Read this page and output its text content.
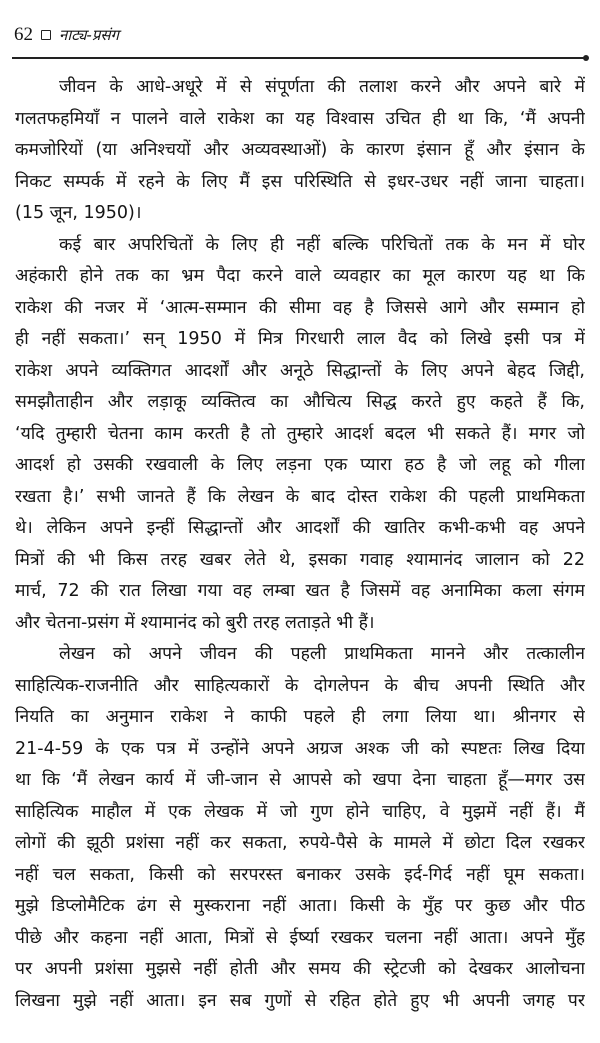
62 नाट्य-प्रसंग
जीवन के आधे-अधूरे में से संपूर्णता की तलाश करने और अपने बारे में
गलतफहमियाँ न पालने वाले राकेश का यह विश्वास उचित ही था कि, ‘मैं अपनी
कमजोरियों (या अनिश्चयों और अव्यवस्थाओं) के कारण इंसान हूँ और इंसान के
निकट सम्पर्क में रहने के लिए मैं इस परिस्थिति से इधर-उधर नहीं जाना चाहता।
(15 जून, 1950)।
कई बार अपरिचितों के लिए ही नहीं बल्कि परिचितों तक के मन में घोर
अहंकारी होने तक का भ्रम पैदा करने वाले व्यवहार का मूल कारण यह था कि
राकेश की नजर में ‘आत्म-सम्मान की सीमा वह है जिससे आगे और सम्मान हो
ही नहीं सकता।’ सन् 1950 में मित्र गिरधारी लाल वैद को लिखे इसी पत्र में
राकेश अपने व्यक्तिगत आदर्शों और अनूठे सिद्धान्तों के लिए अपने बेहद जिद्दी,
समझौताहीन और लड़ाकू व्यक्तित्व का औचित्य सिद्ध करते हुए कहते हैं कि,
‘यदि तुम्हारी चेतना काम करती है तो तुम्हारे आदर्श बदल भी सकते हैं। मगर जो
आदर्श हो उसकी रखवाली के लिए लड़ना एक प्यारा हठ है जो लहू को गीला
रखता है।’ सभी जानते हैं कि लेखन के बाद दोस्त राकेश की पहली प्राथमिकता
थे। लेकिन अपने इन्हीं सिद्धान्तों और आदर्शों की खातिर कभी-कभी वह अपने
मित्रों की भी किस तरह खबर लेते थे, इसका गवाह श्यामानंद जालान को 22
मार्च, 72 की रात लिखा गया वह लम्बा खत है जिसमें वह अनामिका कला संगम
और चेतना-प्रसंग में श्यामानंद को बुरी तरह लताड़ते भी हैं।
लेखन को अपने जीवन की पहली प्राथमिकता मानने और तत्कालीन
साहित्यिक-राजनीति और साहित्यकारों के दोगलेपन के बीच अपनी स्थिति और
नियति का अनुमान राकेश ने काफी पहले ही लगा लिया था। श्रीनगर से
21-4-59 के एक पत्र में उन्होंने अपने अग्रज अश्क जी को स्पष्टतः लिख दिया
था कि ‘मैं लेखन कार्य में जी-जान से आपसे को खपा देना चाहता हूँ—मगर उस
साहित्यिक माहौल में एक लेखक में जो गुण होने चाहिए, वे मुझमें नहीं हैं। मैं
लोगों की झूठी प्रशंसा नहीं कर सकता, रुपये-पैसे के मामले में छोटा दिल रखकर
नहीं चल सकता, किसी को सरपरस्त बनाकर उसके इर्द-गिर्द नहीं घूम सकता।
मुझे डिप्लोमैटिक ढंग से मुस्कराना नहीं आता। किसी के मुँह पर कुछ और पीठ
पीछे और कहना नहीं आता, मित्रों से ईर्ष्या रखकर चलना नहीं आता। अपने मुँह
पर अपनी प्रशंसा मुझसे नहीं होती और समय की स्ट्रेटजी को देखकर आलोचना
लिखना मुझे नहीं आता। इन सब गुणों से रहित होते हुए भी अपनी जगह पर
